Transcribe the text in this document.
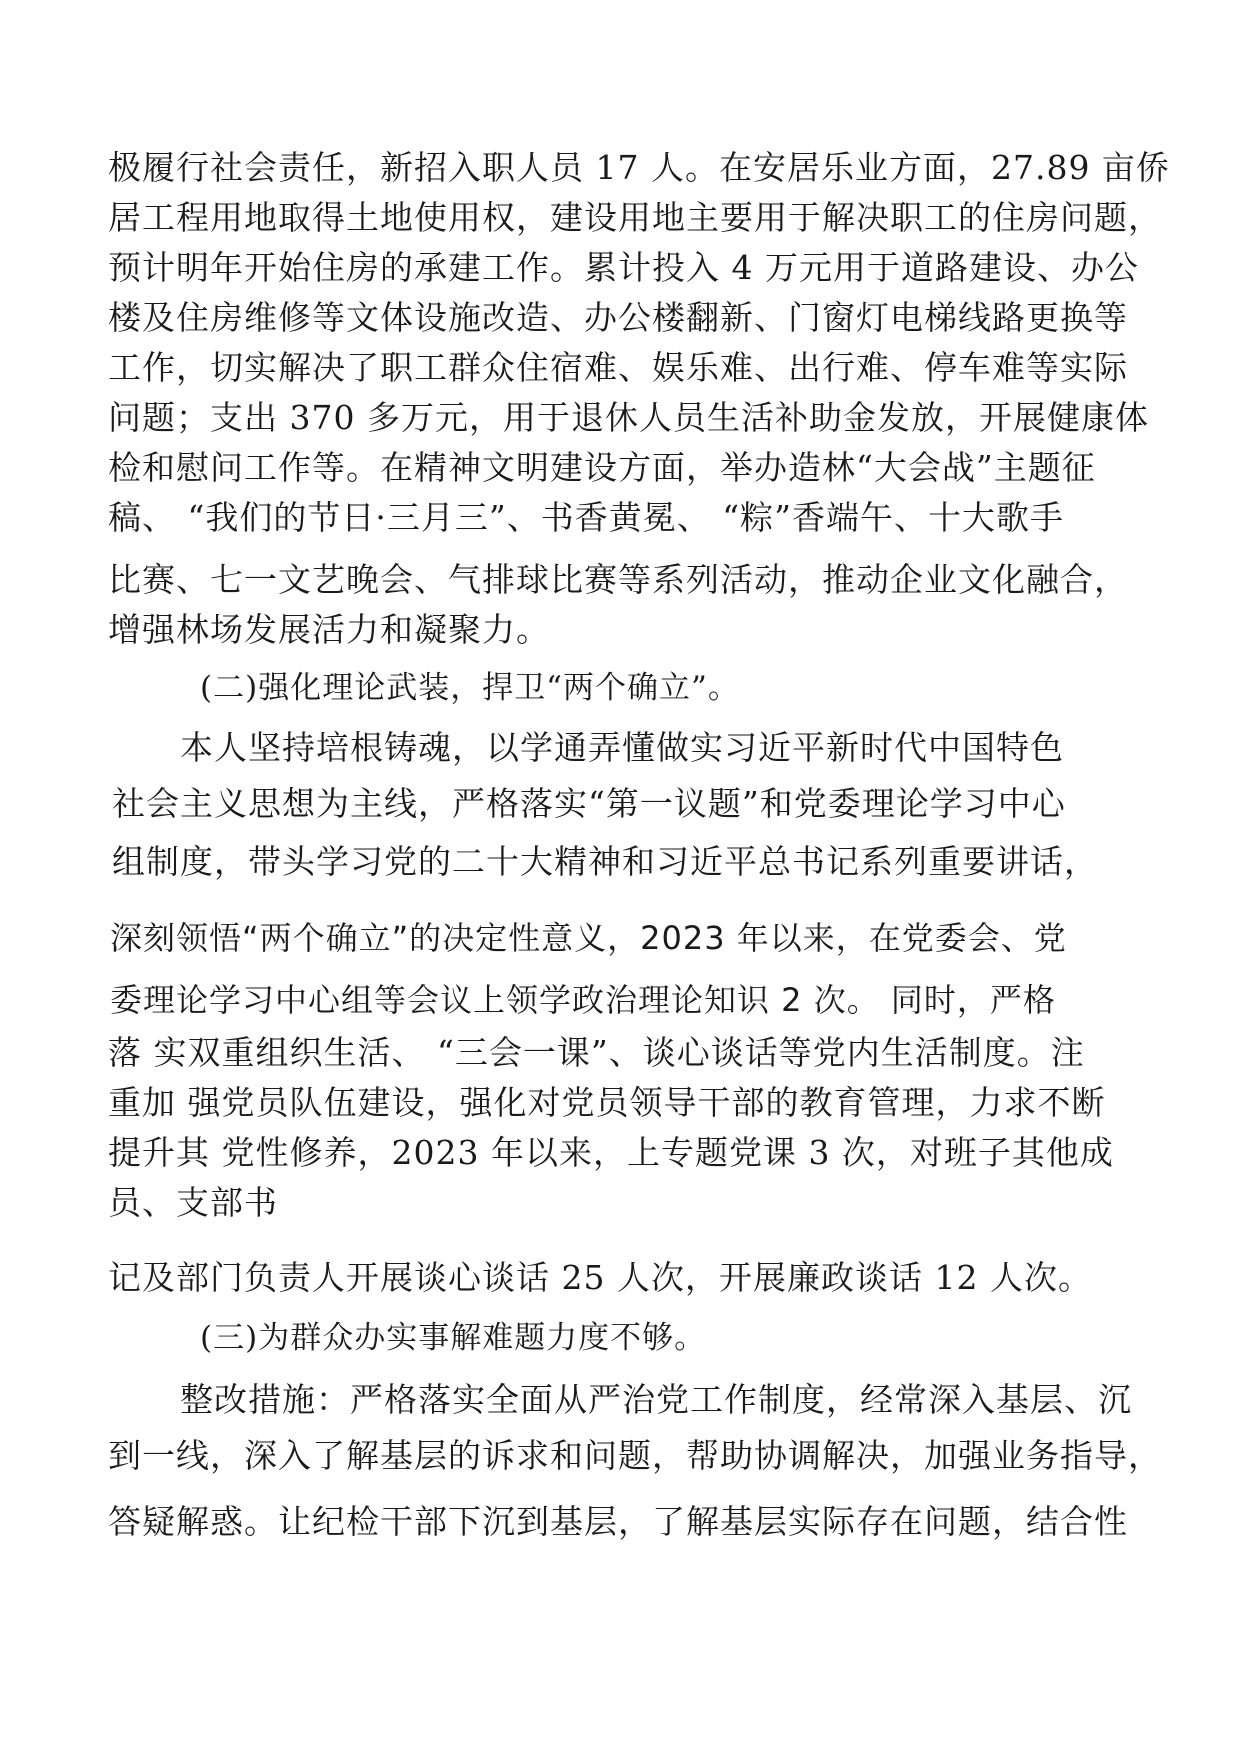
极履行社会责任，新招入职人员 17 人。在安居乐业方面，27.89 亩侨
居工程用地取得土地使用权，建设用地主要用于解决职工的住房问题，
预计明年开始住房的承建工作。累计投入 4 万元用于道路建设、办公
楼及住房维修等文体设施改造、办公楼翻新、门窗灯电梯线路更换等
工作，切实解决了职工群众住宿难、娱乐难、出行难、停车难等实际
问题；支出 370 多万元，用于退休人员生活补助金发放，开展健康体
检和慰问工作等。在精神文明建设方面，举办造林“大会战”主题征
稿、 “我们的节日·三月三”、书香黄冕、 “粽”香端午、十大歌手
比赛、七一文艺晚会、气排球比赛等系列活动，推动企业文化融合，
增强林场发展活力和凝聚力。
(二)强化理论武装，捍卫“两个确立”。
本人坚持培根铸魂，以学通弄懂做实习近平新时代中国特色
社会主义思想为主线，严格落实“第一议题”和党委理论学习中心
组制度，带头学习党的二十大精神和习近平总书记系列重要讲话，
深刻领悟“两个确立”的决定性意义，2023 年以来，在党委会、党
委理论学习中心组等会议上领学政治理论知识 2 次。 同时，严格
落 实双重组织生活、 “三会一课”、谈心谈话等党内生活制度。注
重加 强党员队伍建设，强化对党员领导干部的教育管理，力求不断
提升其 党性修养，2023 年以来，上专题党课 3 次，对班子其他成
员、支部书
记及部门负责人开展谈心谈话 25 人次，开展廉政谈话 12 人次。
(三)为群众办实事解难题力度不够。
整改措施：严格落实全面从严治党工作制度，经常深入基层、沉
到一线，深入了解基层的诉求和问题，帮助协调解决，加强业务指导，
答疑解惑。让纪检干部下沉到基层，了解基层实际存在问题，结合性
